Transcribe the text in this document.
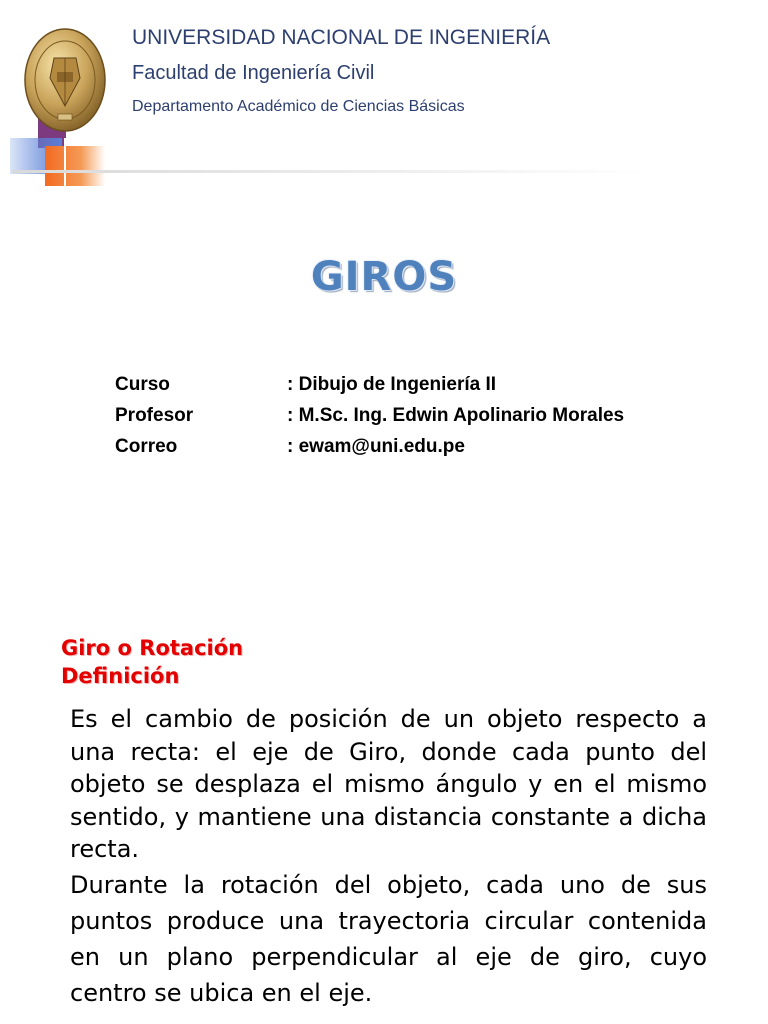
UNIVERSIDAD NACIONAL DE INGENIERÍA
Facultad de Ingeniería Civil
Departamento Académico de Ciencias Básicas
GIROS
Curso	: Dibujo de Ingeniería II
Profesor	: M.Sc. Ing. Edwin Apolinario Morales
Correo	: ewam@uni.edu.pe
Giro o Rotación
Definición

Es el cambio de posición de un objeto respecto a una recta: el eje de Giro, donde cada punto del objeto se desplaza el mismo ángulo y en el mismo sentido, y mantiene una distancia constante a dicha recta.

Durante la rotación del objeto, cada uno de sus puntos produce una trayectoria circular contenida en un plano perpendicular al eje de giro, cuyo centro se ubica en el eje.
